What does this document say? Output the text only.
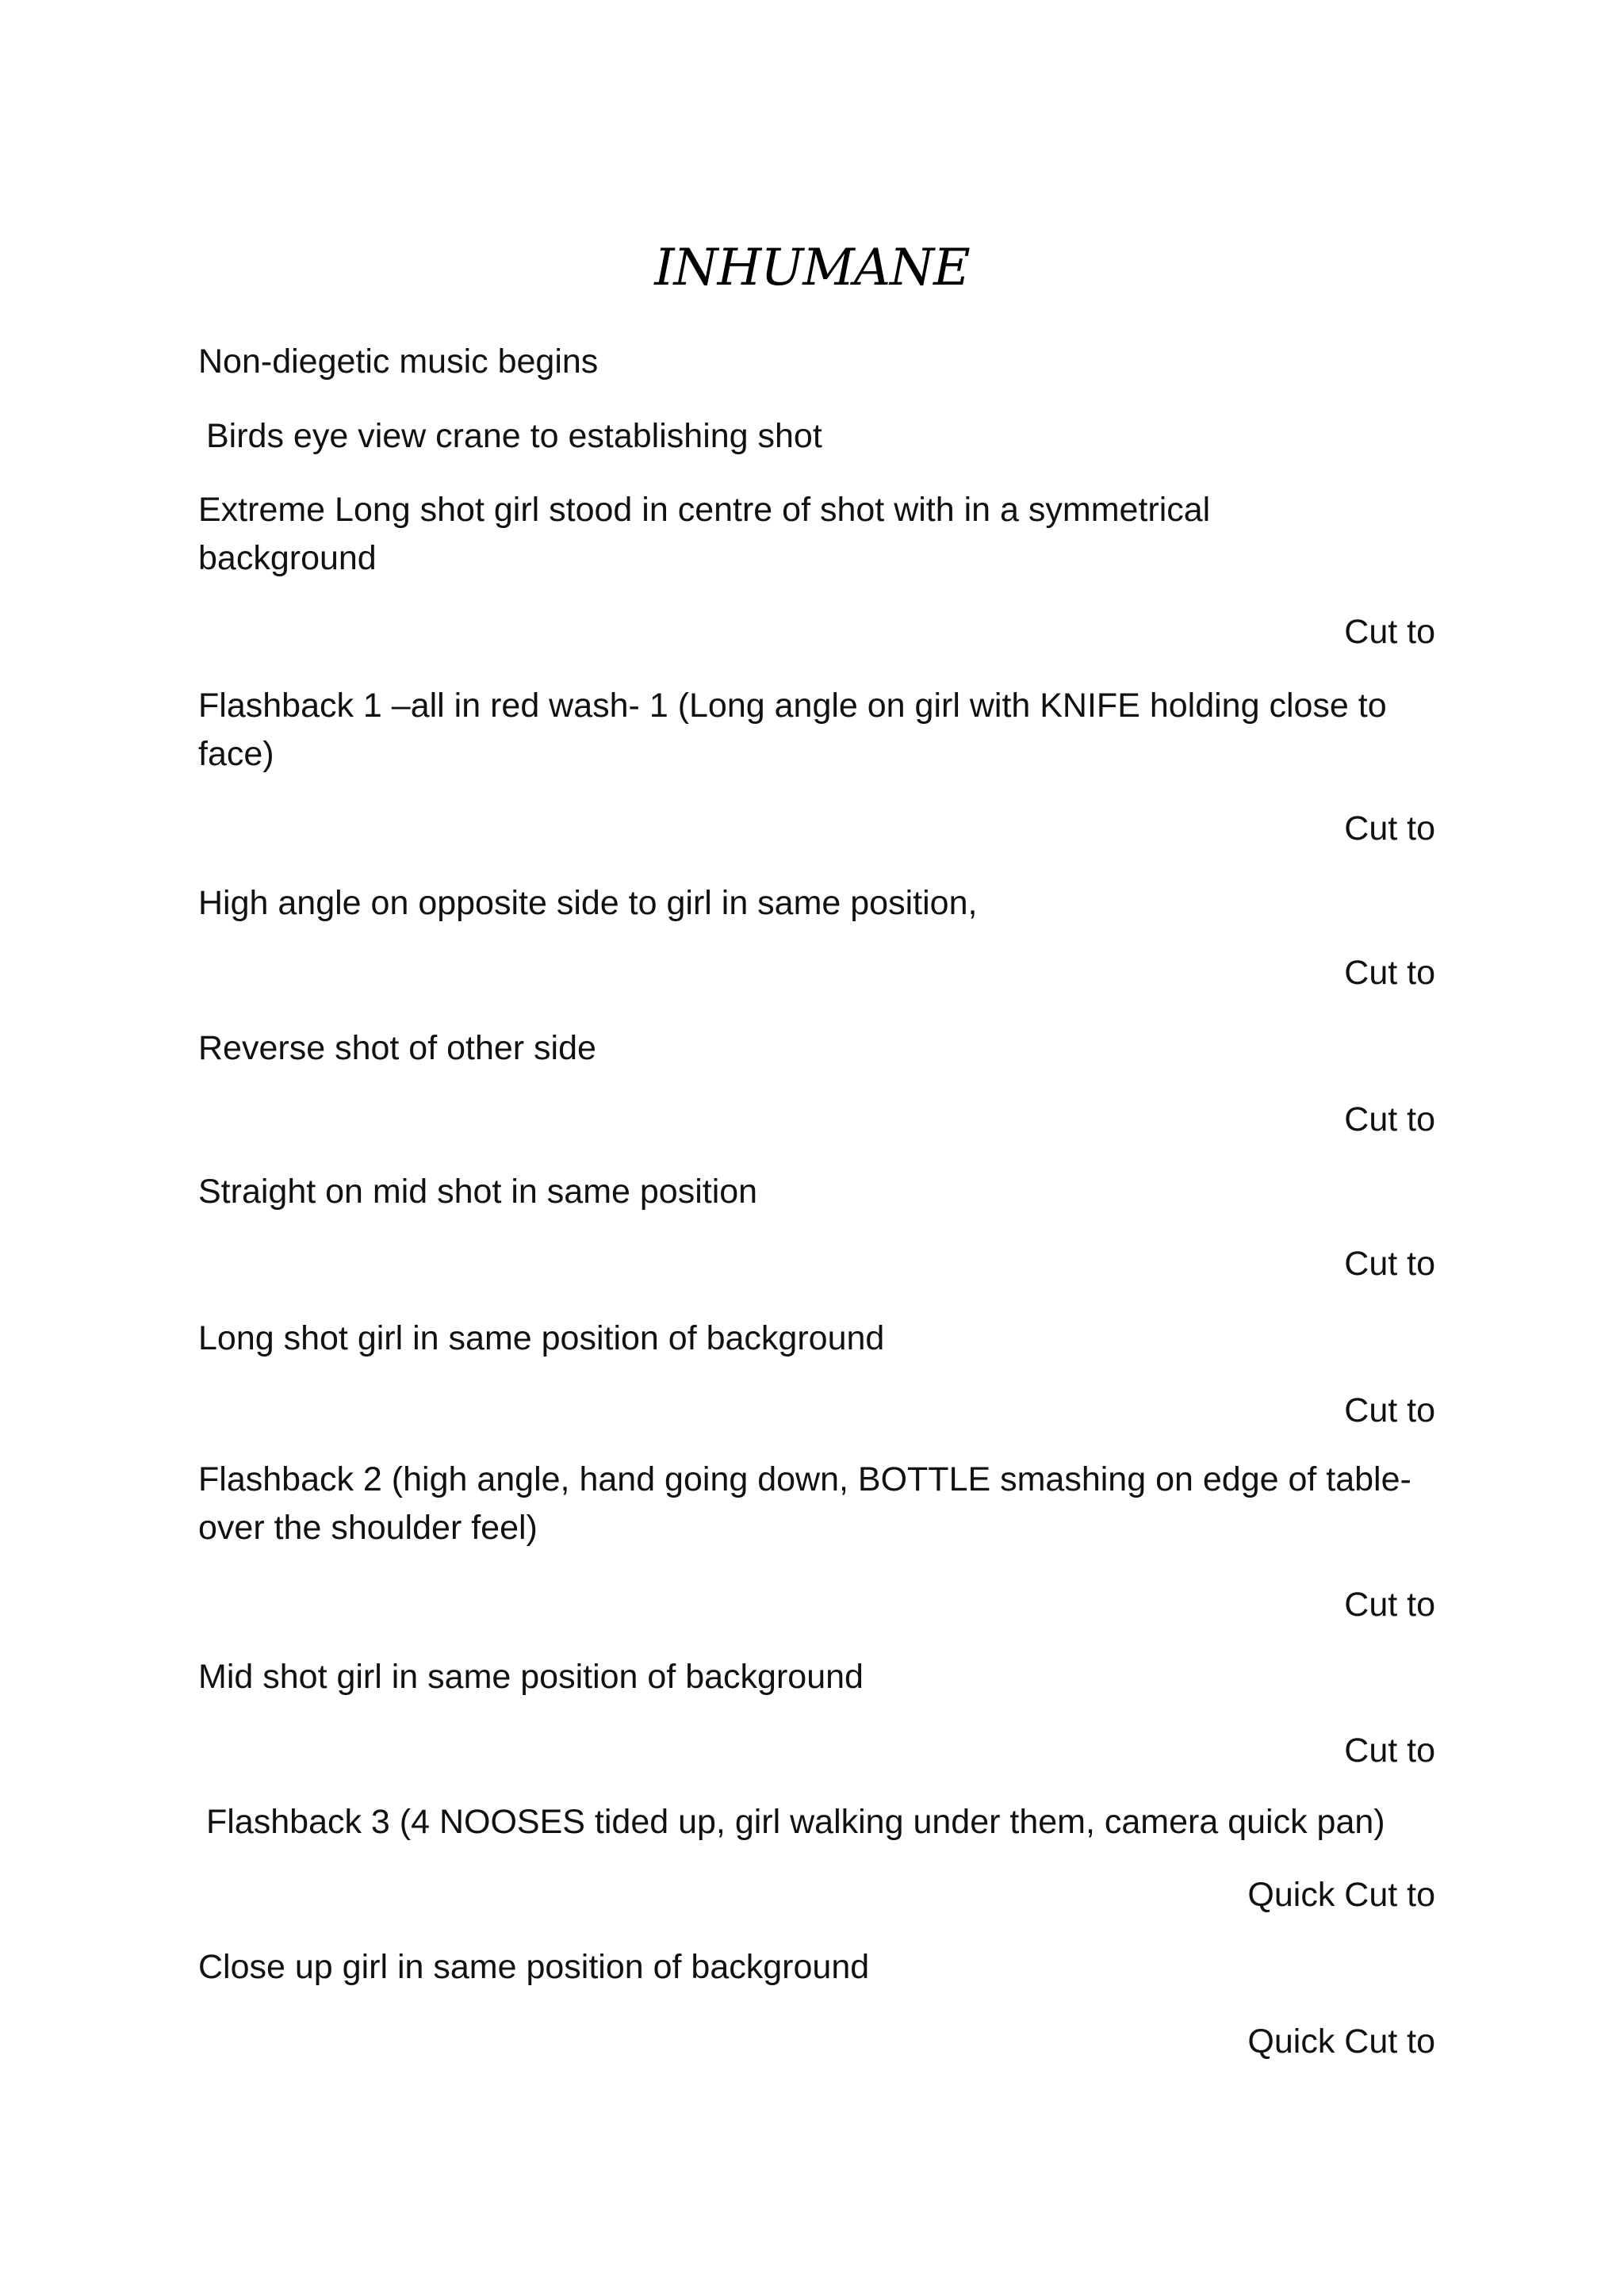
INHUMANE
Non-diegetic music begins
Birds eye view crane to establishing shot
Extreme Long shot girl stood in centre of shot with in a symmetrical background
Cut to
Flashback 1 –all in red wash- 1 (Long angle on girl with KNIFE holding close to face)
Cut to
High angle on opposite side to girl in same position,
Cut to
Reverse shot of other side
Cut to
Straight on mid shot in same position
Cut to
Long shot girl in same position of background
Cut to
Flashback 2 (high angle, hand going down, BOTTLE smashing on edge of table- over the shoulder feel)
Cut to
Mid shot girl in same position of background
Cut to
Flashback 3 (4 NOOSES tided up, girl walking under them, camera quick pan)
Quick Cut to
Close up girl in same position of background
Quick Cut to
